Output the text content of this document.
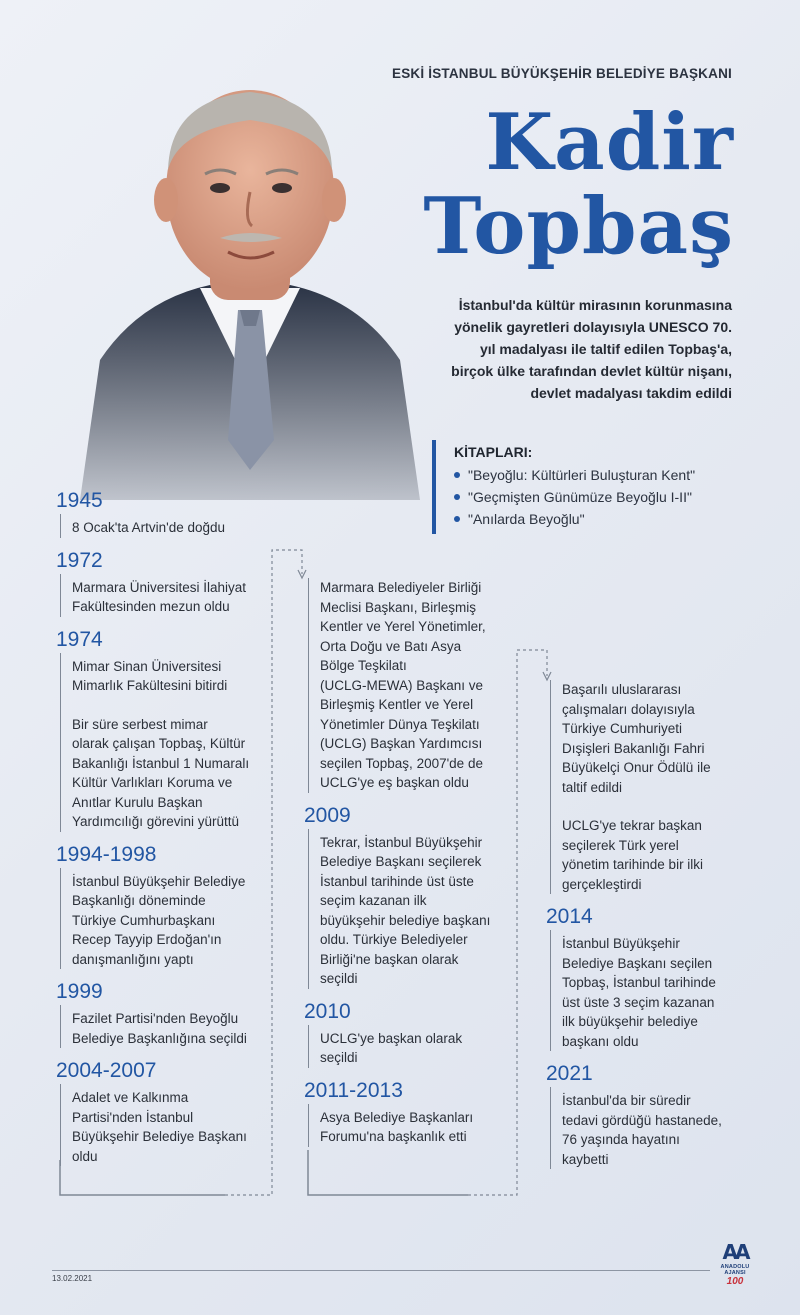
ESKİ İSTANBUL BÜYÜKŞEHİR BELEDİYE BAŞKANI
Kadir
Topbaş
İstanbul'da kültür mirasının korunmasına
yönelik gayretleri dolayısıyla UNESCO 70.
yıl madalyası ile taltif edilen Topbaş'a,
birçok ülke tarafından devlet kültür nişanı,
devlet madalyası takdim edildi
KİTAPLARI:
"Beyoğlu: Kültürleri Buluşturan Kent"
"Geçmişten Günümüze Beyoğlu I-II"
"Anılarda Beyoğlu"
1945
8 Ocak'ta Artvin'de doğdu
1972
Marmara Üniversitesi İlahiyat
Fakültesinden mezun oldu
1974

Mimar Sinan Üniversitesi
Mimarlık Fakültesini bitirdi

Bir süre serbest mimar
olarak çalışan Topbaş, Kültür
Bakanlığı İstanbul 1 Numaralı
Kültür Varlıkları Koruma ve
Anıtlar Kurulu Başkan
Yardımcılığı görevini yürüttü

1994-1998
İstanbul Büyükşehir Belediye
Başkanlığı döneminde
Türkiye Cumhurbaşkanı
Recep Tayyip Erdoğan'ın
danışmanlığını yaptı
1999
Fazilet Partisi'nden Beyoğlu
Belediye Başkanlığına seçildi
2004-2007
Adalet ve Kalkınma
Partisi'nden İstanbul
Büyükşehir Belediye Başkanı
oldu
Marmara Belediyeler Birliği
Meclisi Başkanı, Birleşmiş
Kentler ve Yerel Yönetimler,
Orta Doğu ve Batı Asya
Bölge Teşkilatı
(UCLG-MEWA) Başkanı ve
Birleşmiş Kentler ve Yerel
Yönetimler Dünya Teşkilatı
(UCLG) Başkan Yardımcısı
seçilen Topbaş, 2007'de de
UCLG'ye eş başkan oldu
2009
Tekrar, İstanbul Büyükşehir
Belediye Başkanı seçilerek
İstanbul tarihinde üst üste
seçim kazanan ilk
büyükşehir belediye başkanı
oldu. Türkiye Belediyeler
Birliği'ne başkan olarak
seçildi
2010
UCLG'ye başkan olarak
seçildi
2011-2013
Asya Belediye Başkanları
Forumu'na başkanlık etti

Başarılı uluslararası
çalışmaları dolayısıyla
Türkiye Cumhuriyeti
Dışişleri Bakanlığı Fahri
Büyükelçi Onur Ödülü ile
taltif edildi

UCLG'ye tekrar başkan
seçilerek Türk yerel
yönetim tarihinde bir ilki
gerçekleştirdi

2014
İstanbul Büyükşehir
Belediye Başkanı seçilen
Topbaş, İstanbul tarihinde
üst üste 3 seçim kazanan
ilk büyükşehir belediye
başkanı oldu
2021
İstanbul'da bir süredir
tedavi gördüğü hastanede,
76 yaşında hayatını
kaybetti
13.02.2021
AA
ANADOLU AJANSI
100
